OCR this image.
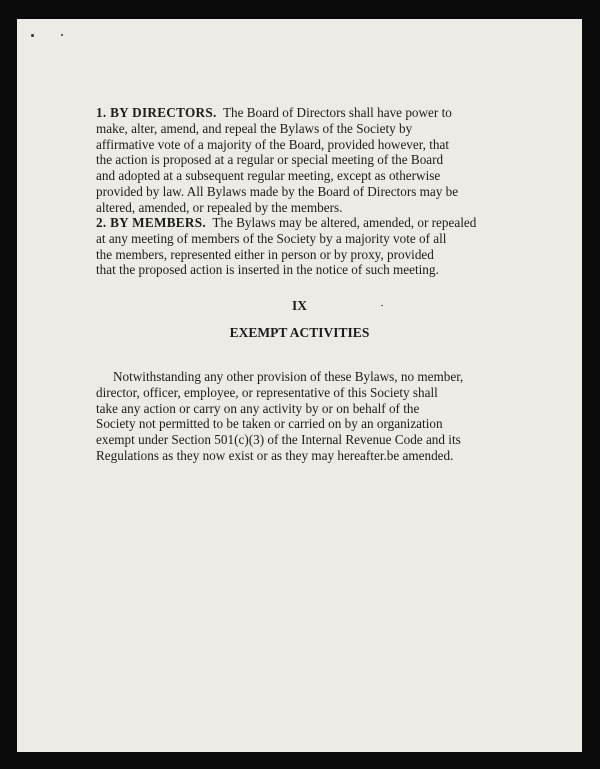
1. BY DIRECTORS. The Board of Directors shall have power to
make, alter, amend, and repeal the Bylaws of the Society by
affirmative vote of a majority of the Board, provided however, that
the action is proposed at a regular or special meeting of the Board
and adopted at a subsequent regular meeting, except as otherwise
provided by law. All Bylaws made by the Board of Directors may be
altered, amended, or repealed by the members.
2. BY MEMBERS. The Bylaws may be altered, amended, or repealed
at any meeting of members of the Society by a majority vote of all
the members, represented either in person or by proxy, provided
that the proposed action is inserted in the notice of such meeting.
IX
EXEMPT ACTIVITIES
Notwithstanding any other provision of these Bylaws, no member,
director, officer, employee, or representative of this Society shall
take any action or carry on any activity by or on behalf of the
Society not permitted to be taken or carried on by an organization
exempt under Section 501(c)(3) of the Internal Revenue Code and its
Regulations as they now exist or as they may hereafter.be amended.
